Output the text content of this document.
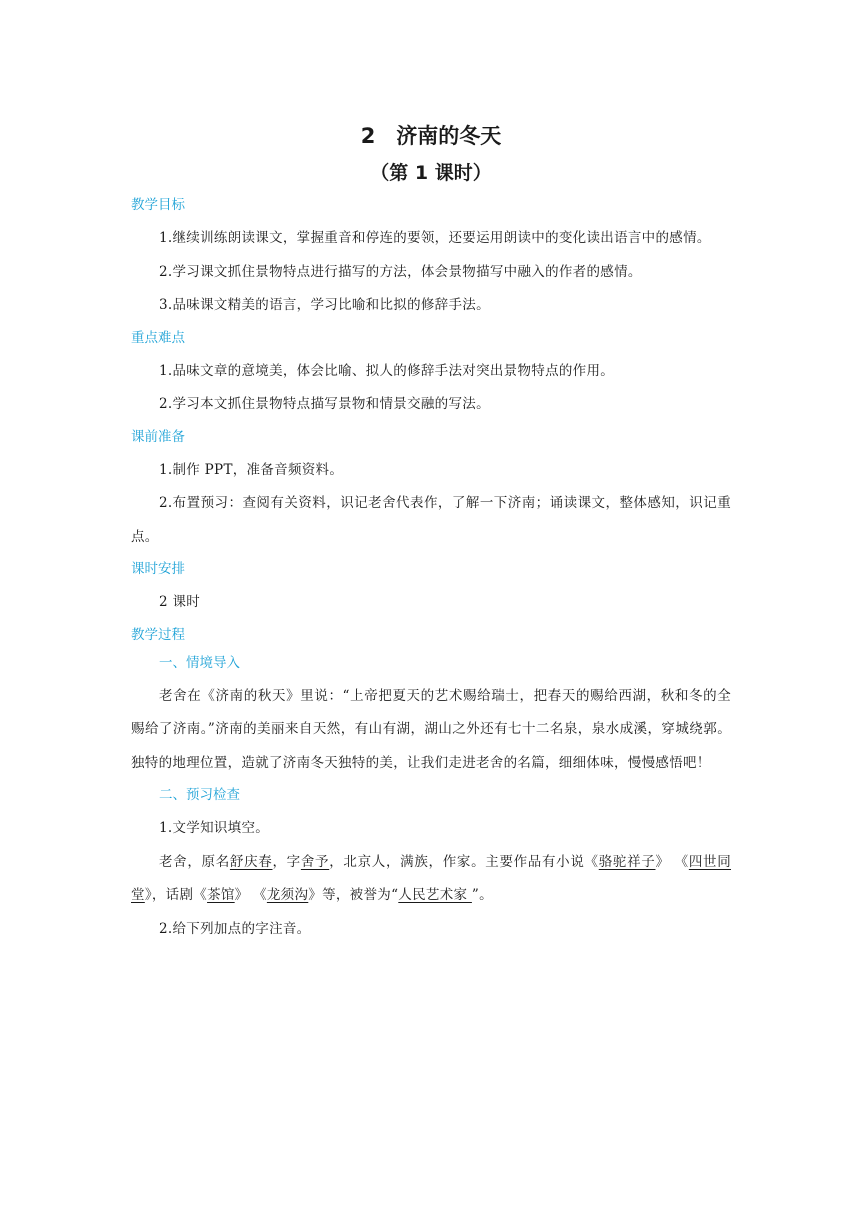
2　济南的冬天
（第 1 课时）
教学目标

1.继续训练朗读课文，掌握重音和停连的要领，还要运用朗读中的变化读出语言中的感情。

2.学习课文抓住景物特点进行描写的方法，体会景物描写中融入的作者的感情。

3.品味课文精美的语言，学习比喻和比拟的修辞手法。

重点难点

1.品味文章的意境美，体会比喻、拟人的修辞手法对突出景物特点的作用。

2.学习本文抓住景物特点描写景物和情景交融的写法。

课前准备

1.制作 PPT，准备音频资料。

2.布置预习：查阅有关资料，识记老舍代表作，了解一下济南；诵读课文，整体感知，识记重点。

课时安排

2 课时

教学过程
一、情境导入

老舍在《济南的秋天》里说：“上帝把夏天的艺术赐给瑞士，把春天的赐给西湖，秋和冬的全赐给了济南。”济南的美丽来自天然，有山有湖，湖山之外还有七十二名泉，泉水成溪，穿城绕郭。独特的地理位置，造就了济南冬天独特的美，让我们走进老舍的名篇，细细体味，慢慢感悟吧！

二、预习检查

1.文学知识填空。

老舍，原名舒庆春，字舍予，北京人，满族，作家。主要作品有小说《骆驼祥子》 《四世同堂》，话剧《茶馆》 《龙须沟》等，被誉为“人民艺术家 ”。

2.给下列加点的字注音。
